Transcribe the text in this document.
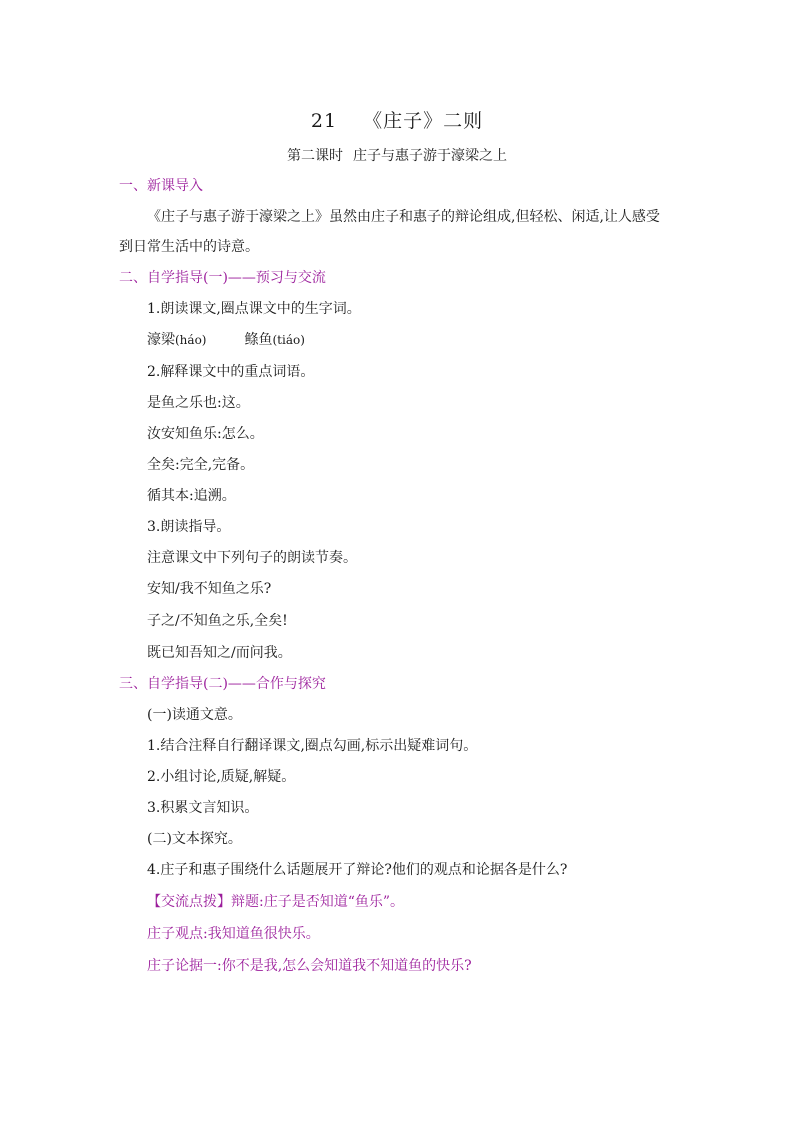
21 《庄子》二则
第二课时 庄子与惠子游于濠梁之上
一、新课导入
《庄子与惠子游于濠梁之上》虽然由庄子和惠子的辩论组成,但轻松、闲适,让人感受
到日常生活中的诗意。
二、自学指导(一)——预习与交流
1.朗读课文,圈点课文中的生字词。
濠梁(háo)	鲦鱼(tiáo)
2.解释课文中的重点词语。
是鱼之乐也:这。
汝安知鱼乐:怎么。
全矣:完全,完备。
循其本:追溯。
3.朗读指导。
注意课文中下列句子的朗读节奏。
安知/我不知鱼之乐?
子之/不知鱼之乐,全矣!
既已知吾知之/而问我。
三、自学指导(二)——合作与探究
(一)读通文意。
1.结合注释自行翻译课文,圈点勾画,标示出疑难词句。
2.小组讨论,质疑,解疑。
3.积累文言知识。
(二)文本探究。
4.庄子和惠子围绕什么话题展开了辩论?他们的观点和论据各是什么?
【交流点拨】辩题:庄子是否知道“鱼乐”。
庄子观点:我知道鱼很快乐。
庄子论据一:你不是我,怎么会知道我不知道鱼的快乐?
